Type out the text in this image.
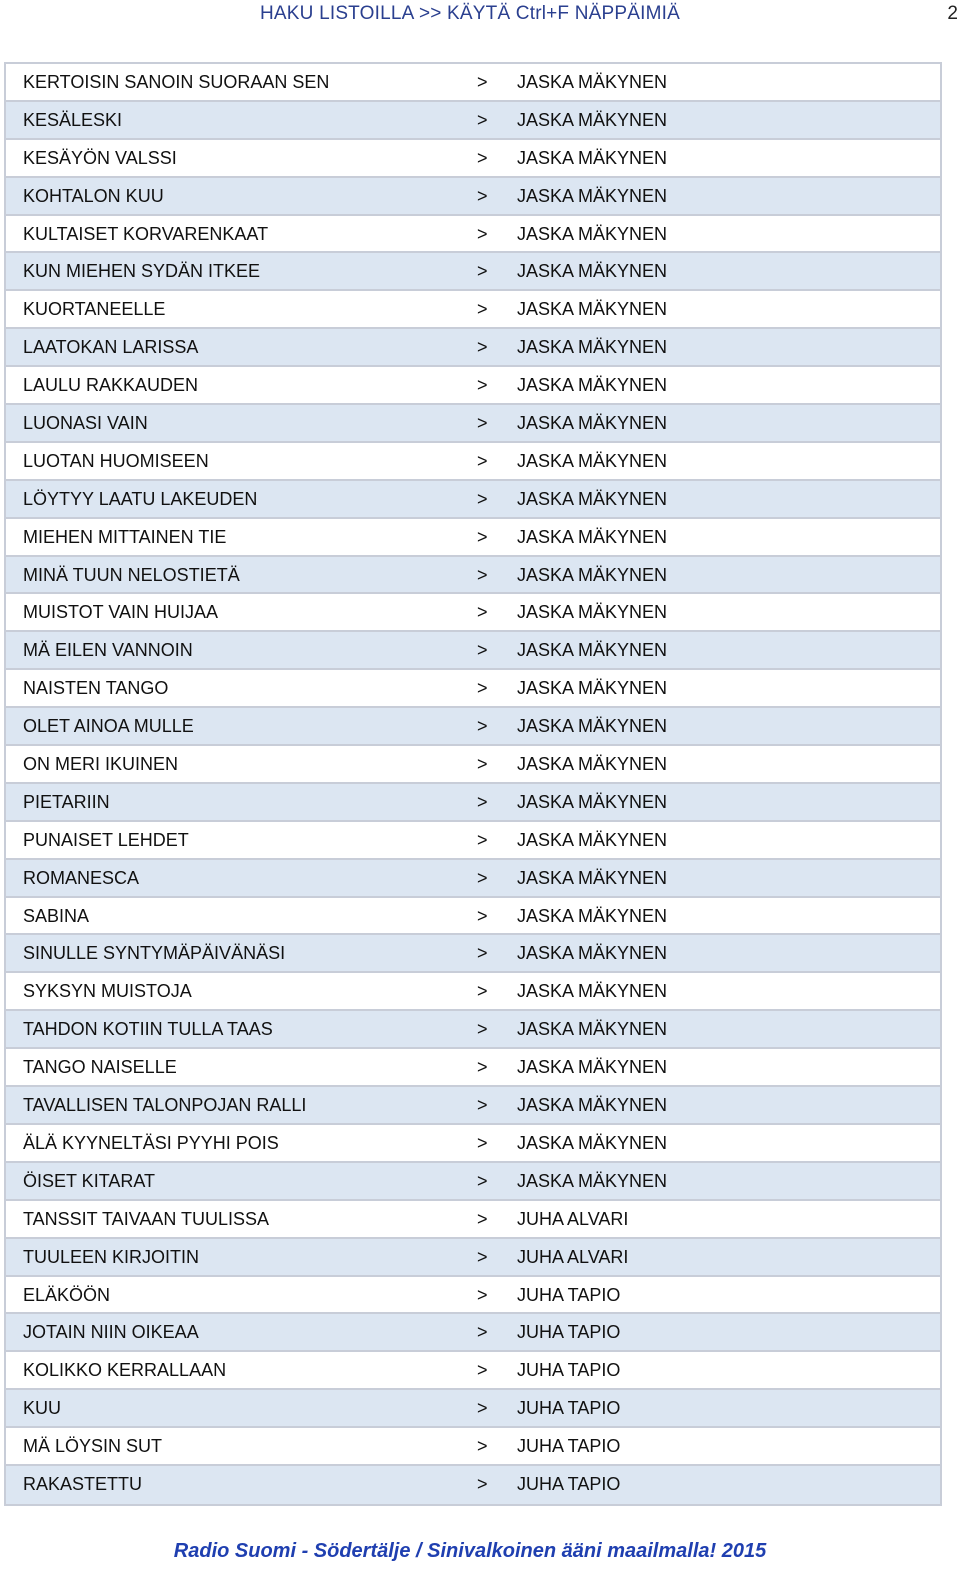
HAKU LISTOILLA >> KÄYTÄ Ctrl+F NÄPPÄIMIÄ	2
KERTOISIN SANOIN SUORAAN SEN	> JASKA MÄKYNEN
KESÄLESKI	> JASKA MÄKYNEN
KESÄYÖN VALSSI	> JASKA MÄKYNEN
KOHTALON KUU	> JASKA MÄKYNEN
KULTAISET KORVARENKAAT	> JASKA MÄKYNEN
KUN MIEHEN SYDÄN ITKEE	> JASKA MÄKYNEN
KUORTANEELLE	> JASKA MÄKYNEN
LAATOKAN LARISSA	> JASKA MÄKYNEN
LAULU RAKKAUDEN	> JASKA MÄKYNEN
LUONASI VAIN	> JASKA MÄKYNEN
LUOTAN HUOMISEEN	> JASKA MÄKYNEN
LÖYTYY LAATU LAKEUDEN	> JASKA MÄKYNEN
MIEHEN MITTAINEN TIE	> JASKA MÄKYNEN
MINÄ TUUN NELOSTIETÄ	> JASKA MÄKYNEN
MUISTOT VAIN HUIJAA	> JASKA MÄKYNEN
MÄ EILEN VANNOIN	> JASKA MÄKYNEN
NAISTEN TANGO	> JASKA MÄKYNEN
OLET AINOA MULLE	> JASKA MÄKYNEN
ON MERI IKUINEN	> JASKA MÄKYNEN
PIETARIIN	> JASKA MÄKYNEN
PUNAISET LEHDET	> JASKA MÄKYNEN
ROMANESCA	> JASKA MÄKYNEN
SABINA	> JASKA MÄKYNEN
SINULLE SYNTYMÄPÄIVÄNÄSI	> JASKA MÄKYNEN
SYKSYN MUISTOJA	> JASKA MÄKYNEN
TAHDON KOTIIN TULLA TAAS	> JASKA MÄKYNEN
TANGO NAISELLE	> JASKA MÄKYNEN
TAVALLISEN TALONPOJAN RALLI	> JASKA MÄKYNEN
ÄLÄ KYYNELTÄSI PYYHI POIS	> JASKA MÄKYNEN
ÖISET KITARAT	> JASKA MÄKYNEN
TANSSIT TAIVAAN TUULISSA	> JUHA ALVARI
TUULEEN KIRJOITIN	> JUHA ALVARI
ELÄKÖÖN	> JUHA TAPIO
JOTAIN NIIN OIKEAA	> JUHA TAPIO
KOLIKKO KERRALLAAN	> JUHA TAPIO
KUU	> JUHA TAPIO
MÄ LÖYSIN SUT	> JUHA TAPIO
RAKASTETTU	> JUHA TAPIO
Radio Suomi - Södertälje / Sinivalkoinen ääni maailmalla! 2015
